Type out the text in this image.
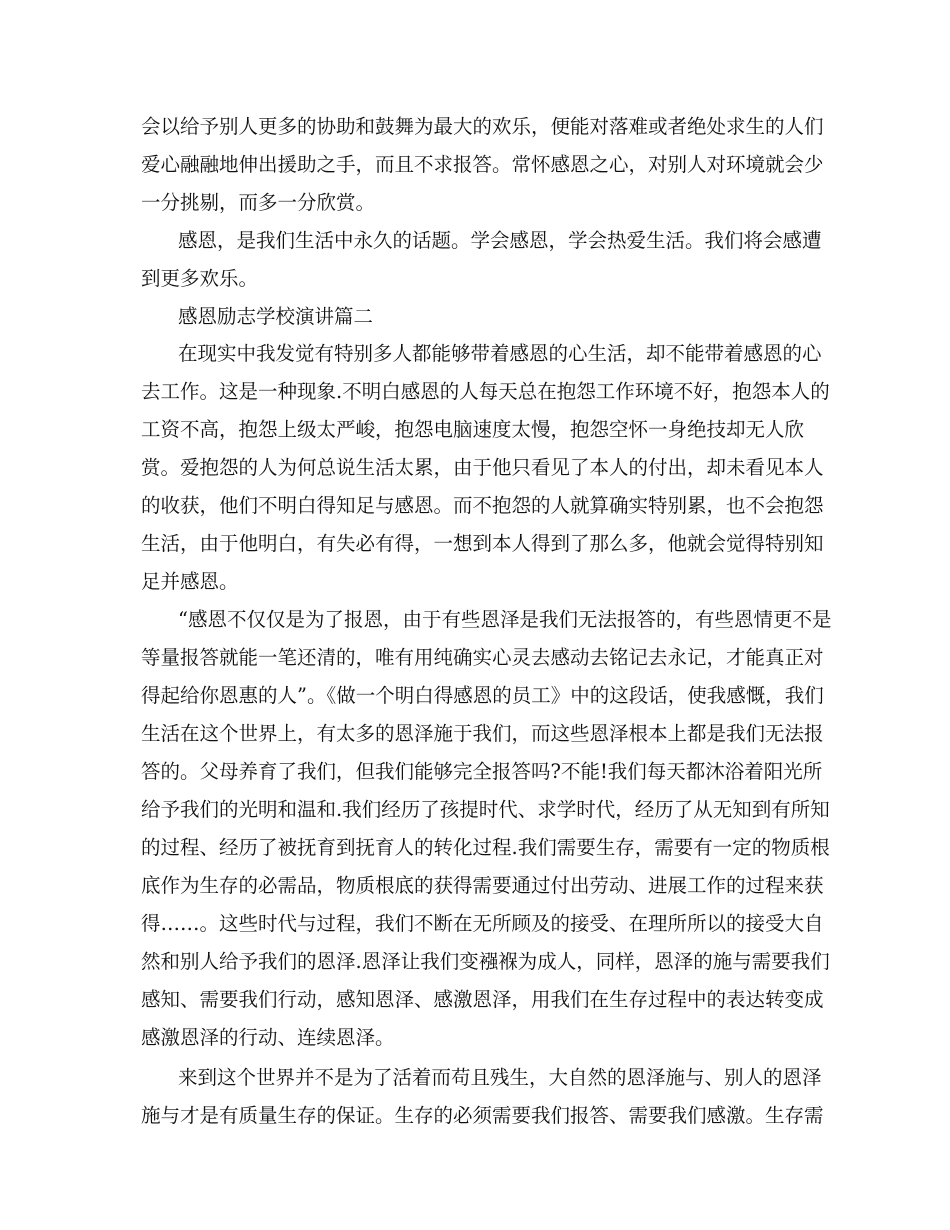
会以给予别人更多的协助和鼓舞为最大的欢乐，便能对落难或者绝处求生的人们
爱心融融地伸出援助之手，而且不求报答。常怀感恩之心，对别人对环境就会少
一分挑剔，而多一分欣赏。
感恩，是我们生活中永久的话题。学会感恩，学会热爱生活。我们将会感遭
到更多欢乐。
感恩励志学校演讲篇二
在现实中我发觉有特别多人都能够带着感恩的心生活，却不能带着感恩的心
去工作。这是一种现象.不明白感恩的人每天总在抱怨工作环境不好，抱怨本人的
工资不高，抱怨上级太严峻，抱怨电脑速度太慢，抱怨空怀一身绝技却无人欣
赏。爱抱怨的人为何总说生活太累，由于他只看见了本人的付出，却未看见本人
的收获，他们不明白得知足与感恩。而不抱怨的人就算确实特别累，也不会抱怨
生活，由于他明白，有失必有得，一想到本人得到了那么多，他就会觉得特别知
足并感恩。
“感恩不仅仅是为了报恩，由于有些恩泽是我们无法报答的，有些恩情更不是
等量报答就能一笔还清的，唯有用纯确实心灵去感动去铭记去永记，才能真正对
得起给你恩惠的人”。《做一个明白得感恩的员工》中的这段话，使我感慨，我们
生活在这个世界上，有太多的恩泽施于我们，而这些恩泽根本上都是我们无法报
答的。父母养育了我们，但我们能够完全报答吗?不能!我们每天都沐浴着阳光所
给予我们的光明和温和.我们经历了孩提时代、求学时代，经历了从无知到有所知
的过程、经历了被抚育到抚育人的转化过程.我们需要生存，需要有一定的物质根
底作为生存的必需品，物质根底的获得需要通过付出劳动、进展工作的过程来获
得……。这些时代与过程，我们不断在无所顾及的接受、在理所所以的接受大自
然和别人给予我们的恩泽.恩泽让我们变襁褓为成人，同样，恩泽的施与需要我们
感知、需要我们行动，感知恩泽、感激恩泽，用我们在生存过程中的表达转变成
感激恩泽的行动、连续恩泽。
来到这个世界并不是为了活着而苟且残生，大自然的恩泽施与、别人的恩泽
施与才是有质量生存的保证。生存的必须需要我们报答、需要我们感激。生存需
